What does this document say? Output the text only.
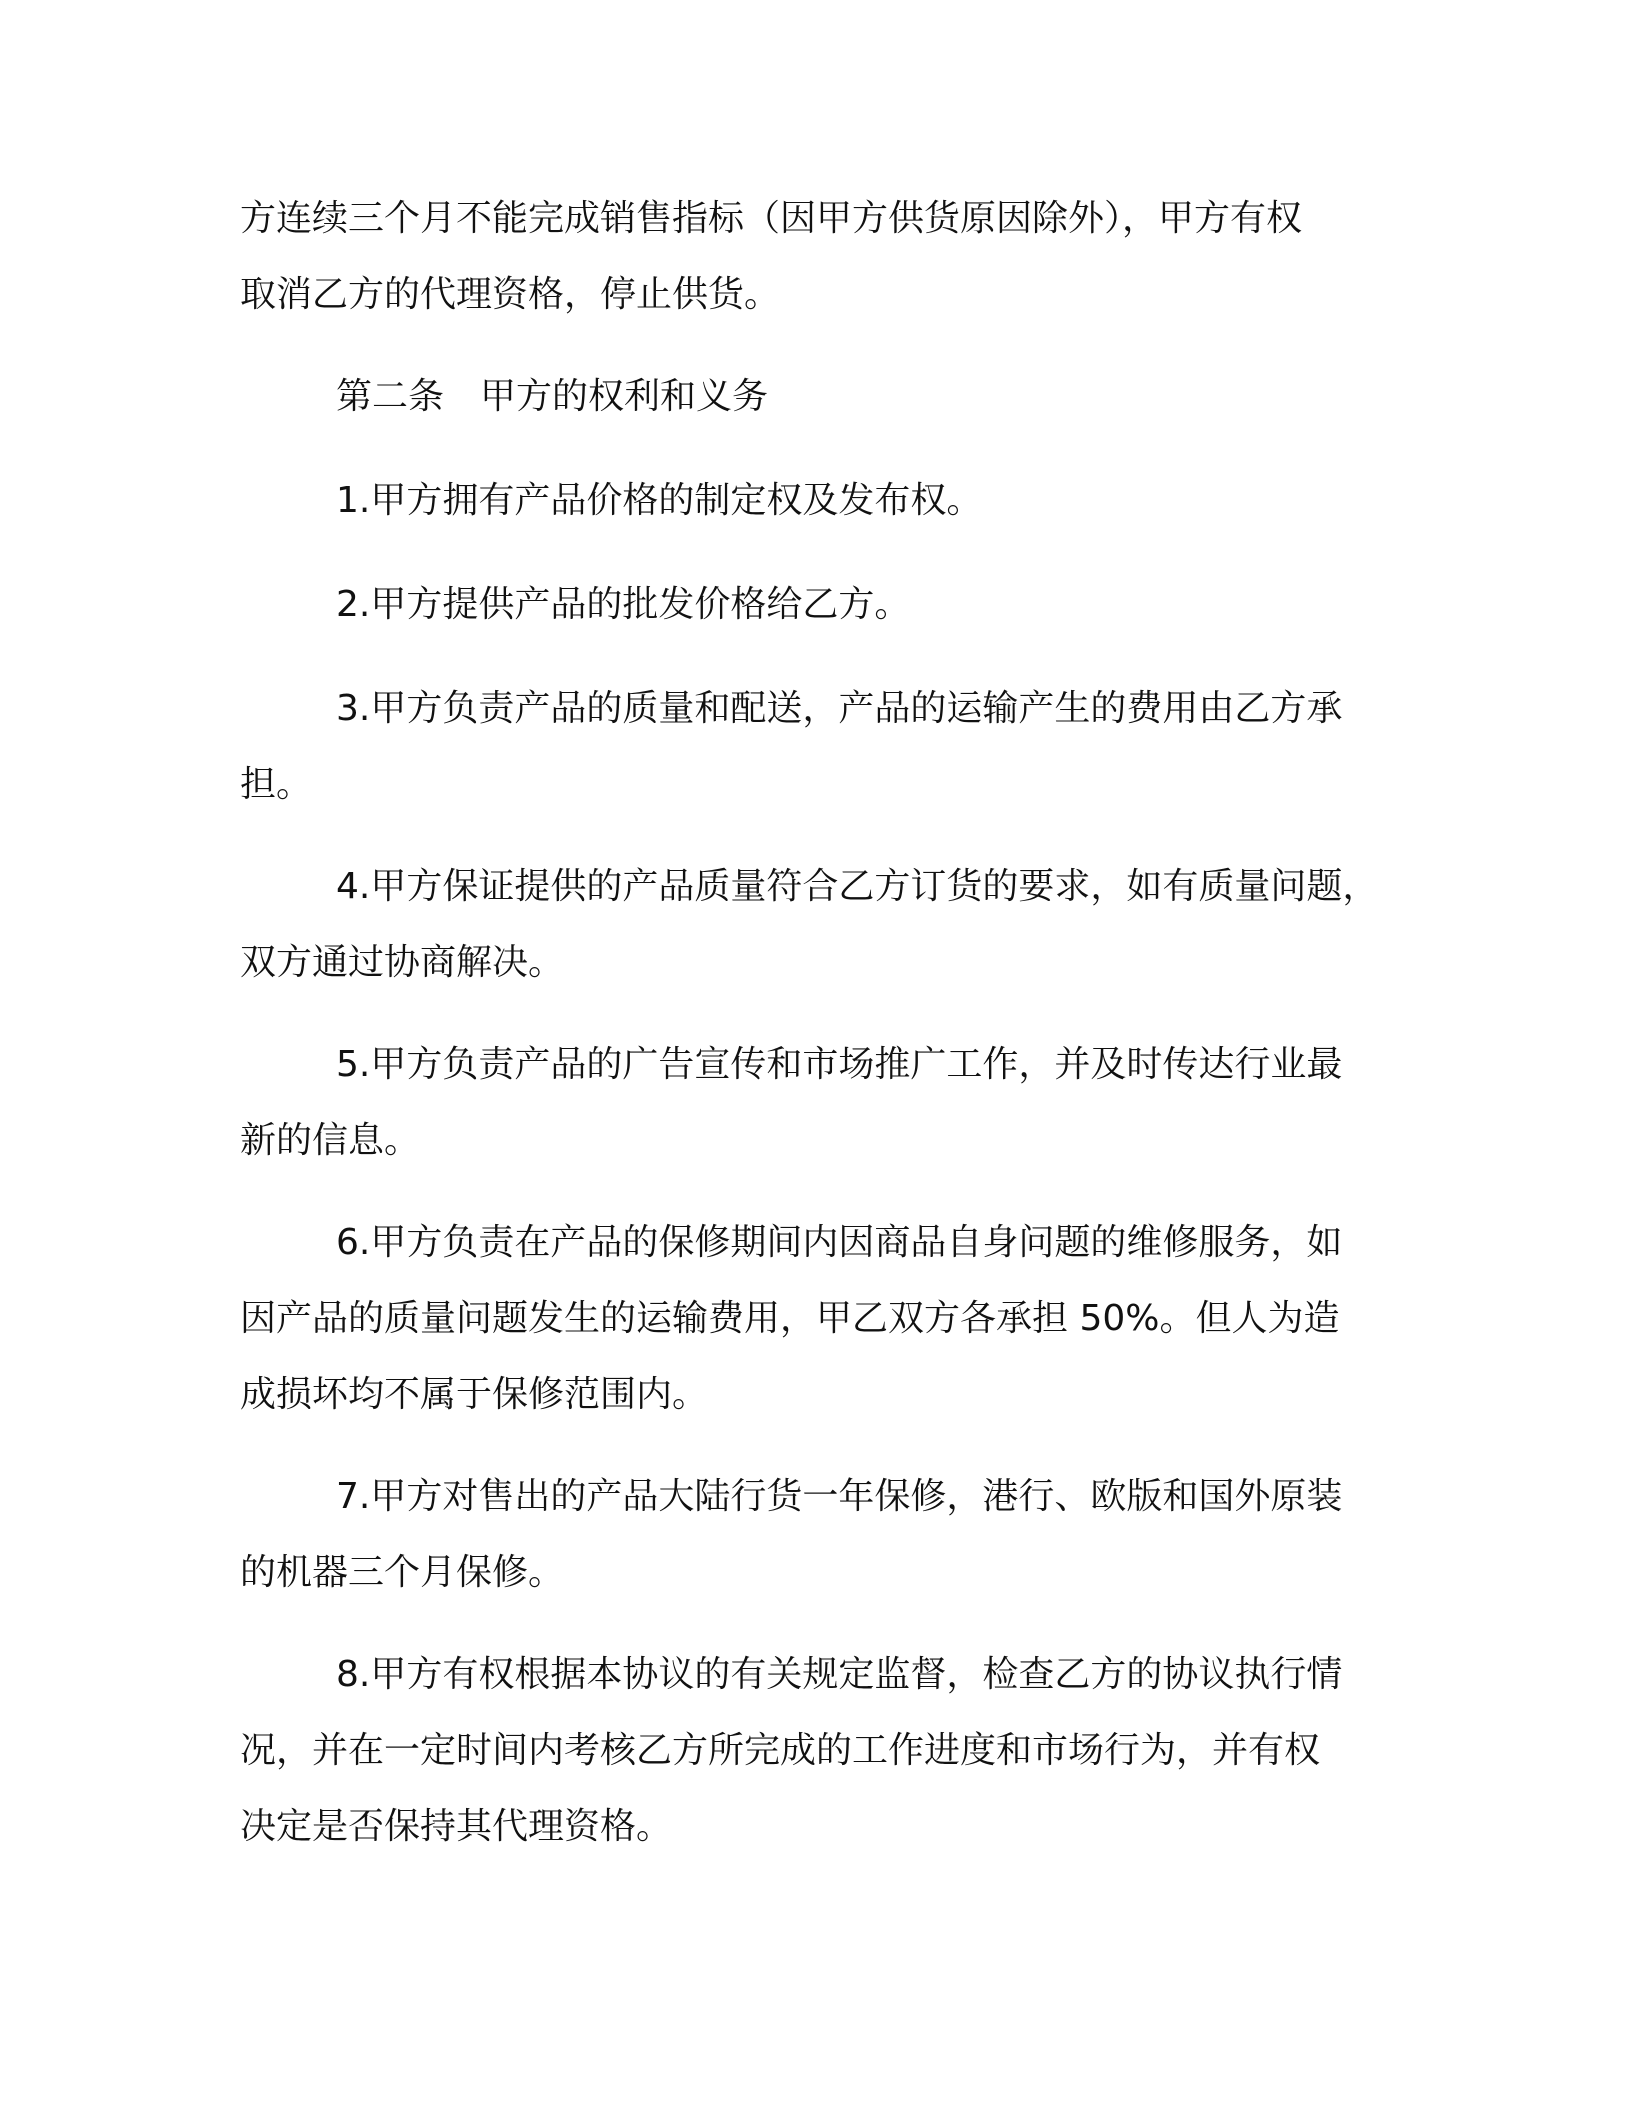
方连续三个月不能完成销售指标（因甲方供货原因除外），甲方有权
取消乙方的代理资格，停止供货。
第二条　甲方的权利和义务
1.甲方拥有产品价格的制定权及发布权。
2.甲方提供产品的批发价格给乙方。
3.甲方负责产品的质量和配送，产品的运输产生的费用由乙方承
担。
4.甲方保证提供的产品质量符合乙方订货的要求，如有质量问题，
双方通过协商解决。
5.甲方负责产品的广告宣传和市场推广工作，并及时传达行业最
新的信息。
6.甲方负责在产品的保修期间内因商品自身问题的维修服务，如
因产品的质量问题发生的运输费用，甲乙双方各承担 50%。但人为造
成损坏均不属于保修范围内。
7.甲方对售出的产品大陆行货一年保修，港行、欧版和国外原装
的机器三个月保修。
8.甲方有权根据本协议的有关规定监督，检查乙方的协议执行情
况，并在一定时间内考核乙方所完成的工作进度和市场行为，并有权
决定是否保持其代理资格。
